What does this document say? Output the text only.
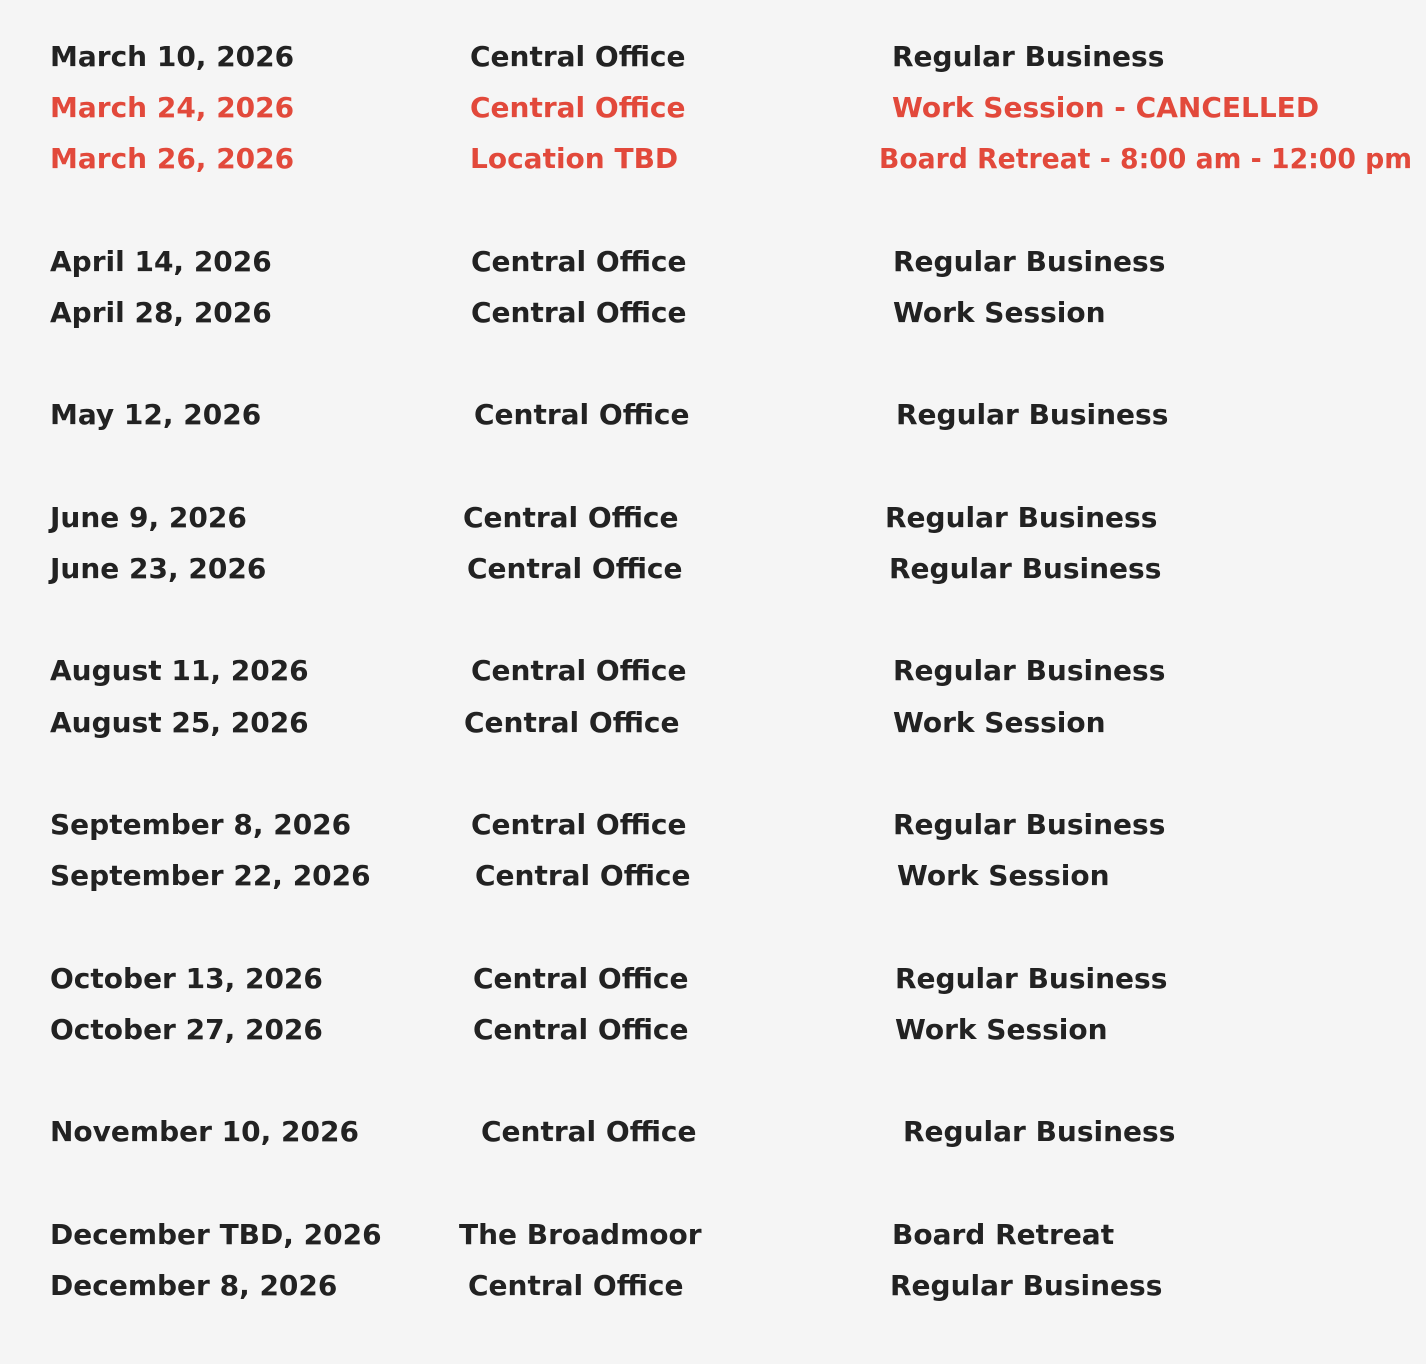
March 10, 2026	Central Office	Regular Business
March 24, 2026	Central Office	Work Session - CANCELLED
March 26, 2026	Location TBD	Board Retreat - 8:00 am - 12:00 pm
April 14, 2026	Central Office	Regular Business
April 28, 2026	Central Office	Work Session
May 12, 2026	Central Office	Regular Business
June 9, 2026	Central Office	Regular Business
June 23, 2026	Central Office	Regular Business
August 11, 2026	Central Office	Regular Business
August 25, 2026	Central Office	Work Session
September 8, 2026	Central Office	Regular Business
September 22, 2026	Central Office	Work Session
October 13, 2026	Central Office	Regular Business
October 27, 2026	Central Office	Work Session
November 10, 2026	Central Office	Regular Business
December TBD, 2026	The Broadmoor	Board Retreat
December 8, 2026	Central Office	Regular Business
